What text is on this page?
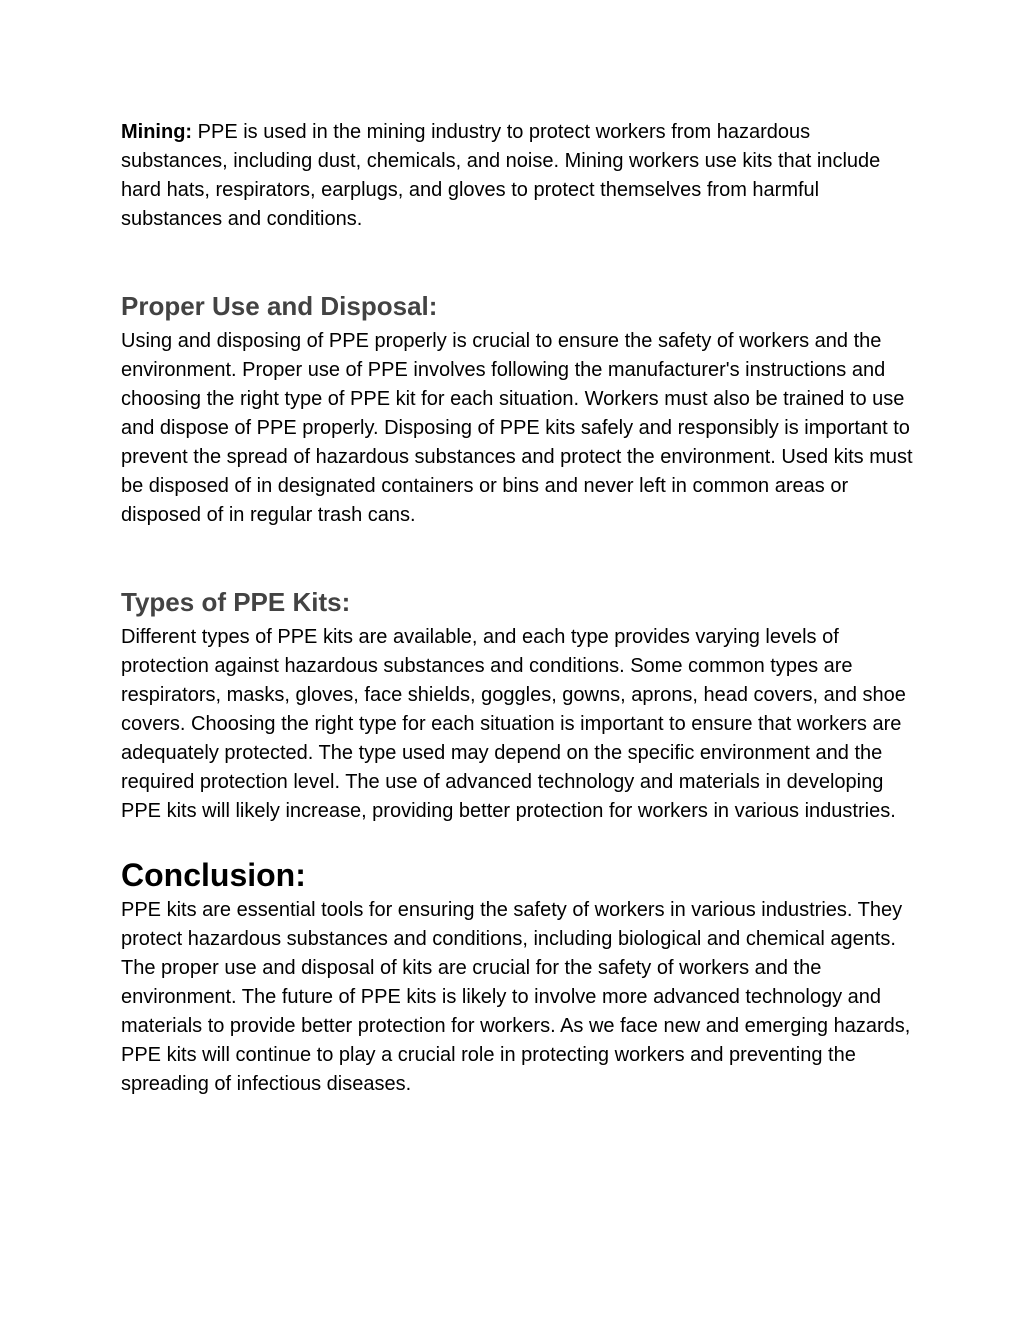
Mining: PPE is used in the mining industry to protect workers from hazardous substances, including dust, chemicals, and noise. Mining workers use kits that include hard hats, respirators, earplugs, and gloves to protect themselves from harmful substances and conditions.

Proper Use and Disposal:

Using and disposing of PPE properly is crucial to ensure the safety of workers and the environment. Proper use of PPE involves following the manufacturer's instructions and choosing the right type of PPE kit for each situation. Workers must also be trained to use and dispose of PPE properly. Disposing of PPE kits safely and responsibly is important to prevent the spread of hazardous substances and protect the environment. Used kits must be disposed of in designated containers or bins and never left in common areas or disposed of in regular trash cans.

Types of PPE Kits:

Different types of PPE kits are available, and each type provides varying levels of protection against hazardous substances and conditions. Some common types are respirators, masks, gloves, face shields, goggles, gowns, aprons, head covers, and shoe covers. Choosing the right type for each situation is important to ensure that workers are adequately protected. The type used may depend on the specific environment and the required protection level. The use of advanced technology and materials in developing PPE kits will likely increase, providing better protection for workers in various industries.

Conclusion:

PPE kits are essential tools for ensuring the safety of workers in various industries. They protect hazardous substances and conditions, including biological and chemical agents. The proper use and disposal of kits are crucial for the safety of workers and the environment. The future of PPE kits is likely to involve more advanced technology and materials to provide better protection for workers. As we face new and emerging hazards, PPE kits will continue to play a crucial role in protecting workers and preventing the spreading of infectious diseases.
